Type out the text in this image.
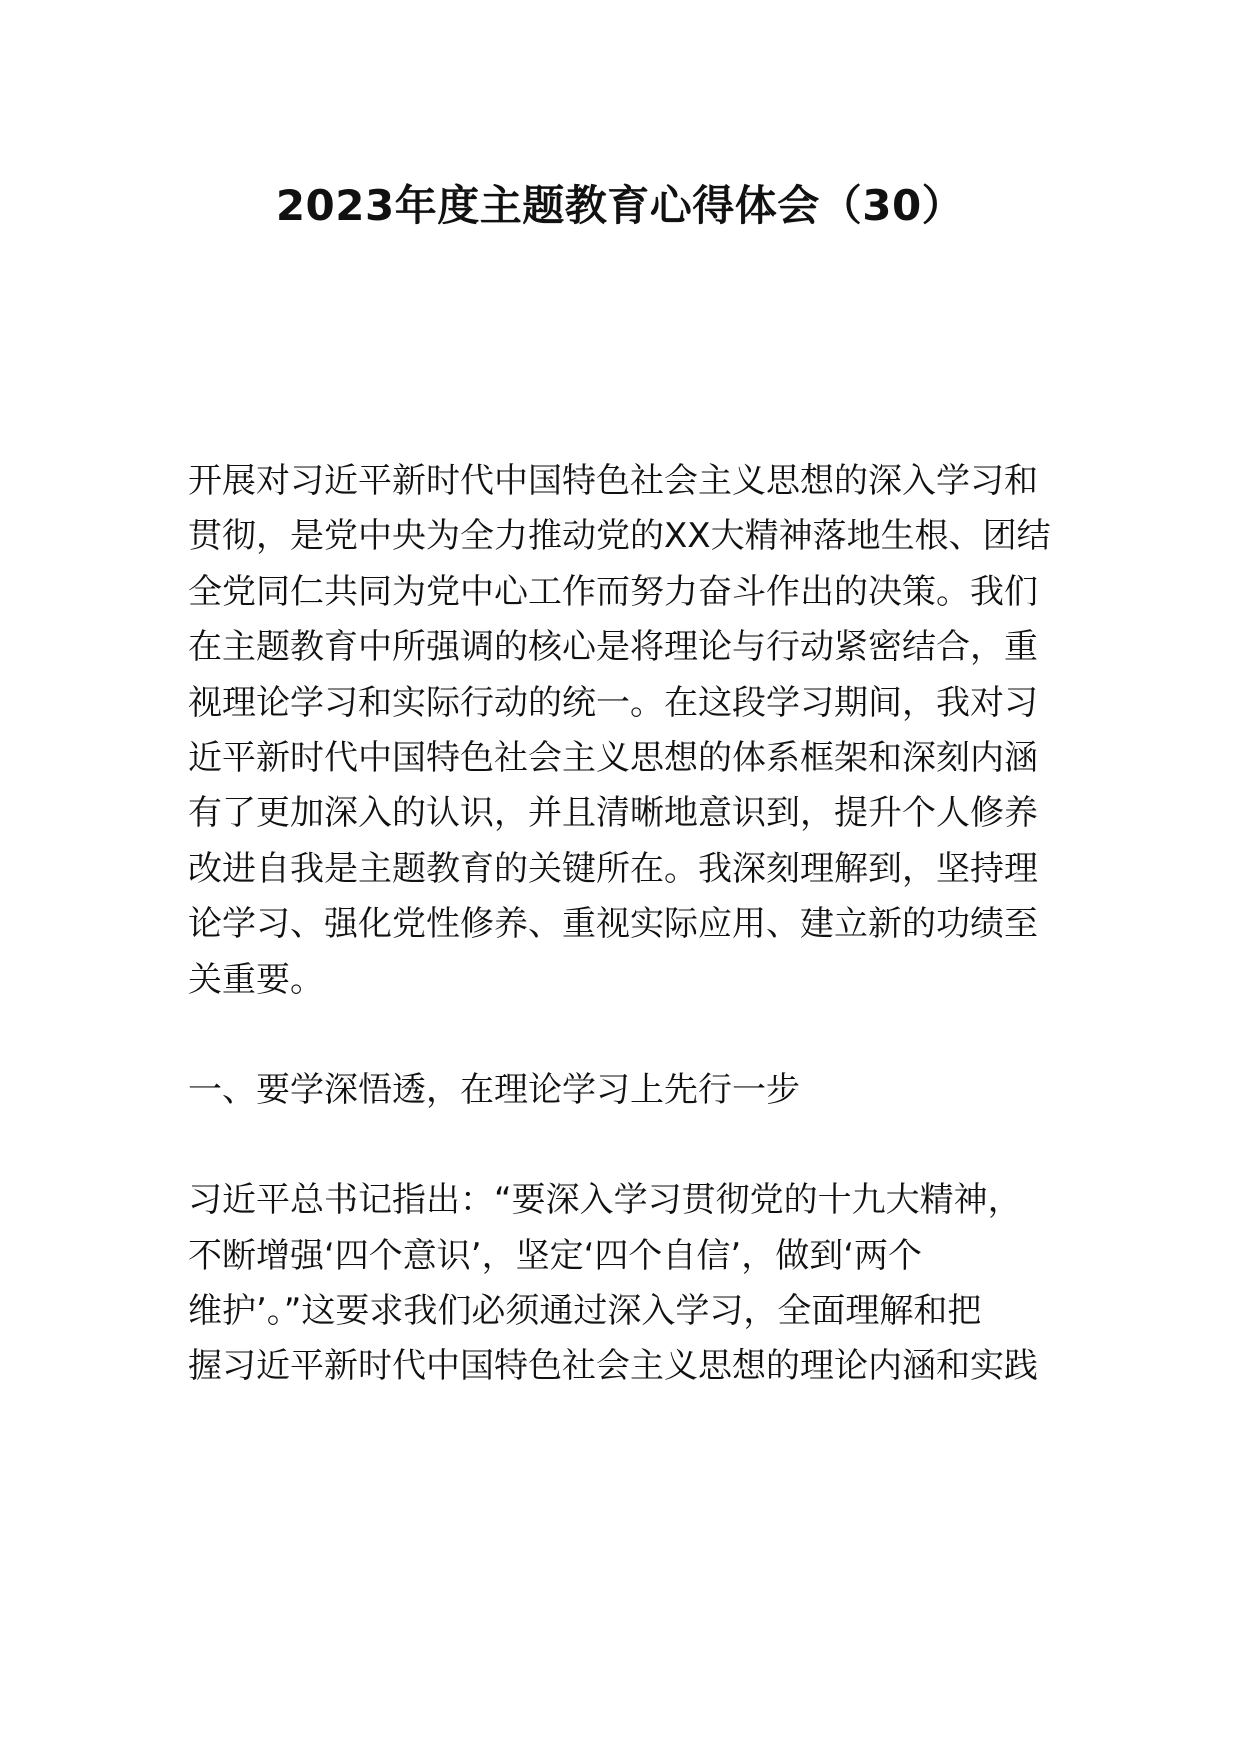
2023年度主题教育心得体会（30）
开展对习近平新时代中国特色社会主义思想的深入学习和
贯彻，是党中央为全力推动党的XX大精神落地生根、团结
全党同仁共同为党中心工作而努力奋斗作出的决策。我们
在主题教育中所强调的核心是将理论与行动紧密结合，重
视理论学习和实际行动的统一。在这段学习期间，我对习
近平新时代中国特色社会主义思想的体系框架和深刻内涵
有了更加深入的认识，并且清晰地意识到，提升个人修养
改进自我是主题教育的关键所在。我深刻理解到，坚持理
论学习、强化党性修养、重视实际应用、建立新的功绩至
关重要。
一、要学深悟透，在理论学习上先行一步
习近平总书记指出：“要深入学习贯彻党的十九大精神，
不断增强‘四个意识’，坚定‘四个自信’，做到‘两个
维护’。”这要求我们必须通过深入学习，全面理解和把
握习近平新时代中国特色社会主义思想的理论内涵和实践
